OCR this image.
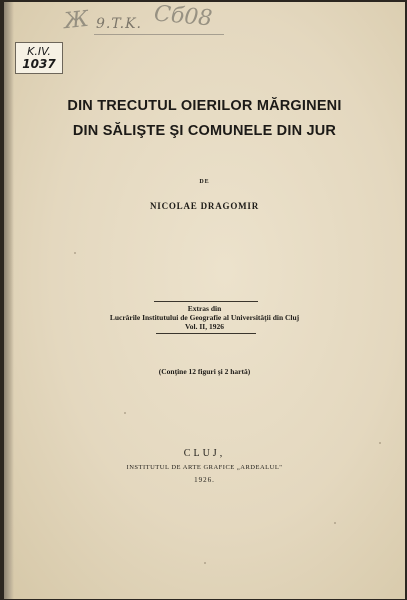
Ж 9.T.K. Cб08
K.IV.
1037
DIN TRECUTUL OIERILOR MĂRGINENI
DIN SĂLIŞTE ŞI COMUNELE DIN JUR
DE
NICOLAE DRAGOMIR
Extras din
Lucrările Institutului de Geografie al Universităţii din Cluj
Vol. II, 1926
(Conţine 12 figuri şi 2 hartă)
CLUJ,
INSTITUTUL DE ARTE GRAFICE „ARDEALUL"
1926.
